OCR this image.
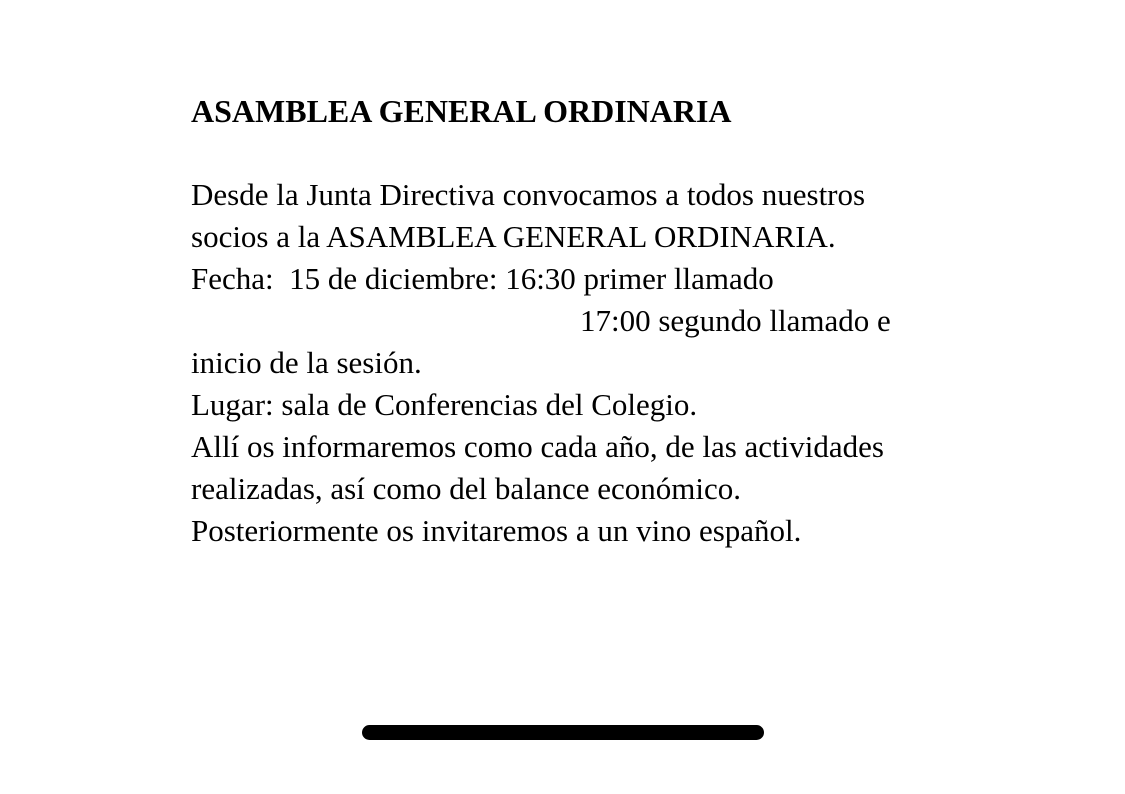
ASAMBLEA GENERAL ORDINARIA
Desde la Junta Directiva convocamos a todos nuestros
socios a la ASAMBLEA GENERAL ORDINARIA.
Fecha:  15 de diciembre: 16:30 primer llamado
17:00 segundo llamado e
inicio de la sesión.
Lugar: sala de Conferencias del Colegio.
Allí os informaremos como cada año, de las actividades
realizadas, así como del balance económico.
Posteriormente os invitaremos a un vino español.
